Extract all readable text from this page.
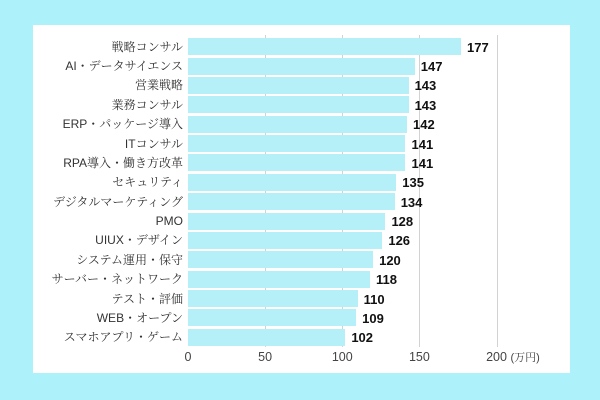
戦略コンサル	177
AI・データサイエンス	147
営業戦略	143
業務コンサル	143
ERP・パッケージ導入	142
ITコンサル	141
RPA導入・働き方改革	141
セキュリティ	135
デジタルマーケティング	134
PMO	128
UIUX・デザイン	126
システム運用・保守	120
サーバー・ネットワーク	118
テスト・評価	110
WEB・オープン	109
スマホアプリ・ゲーム	102
(万円)
0	50	100	150	200
